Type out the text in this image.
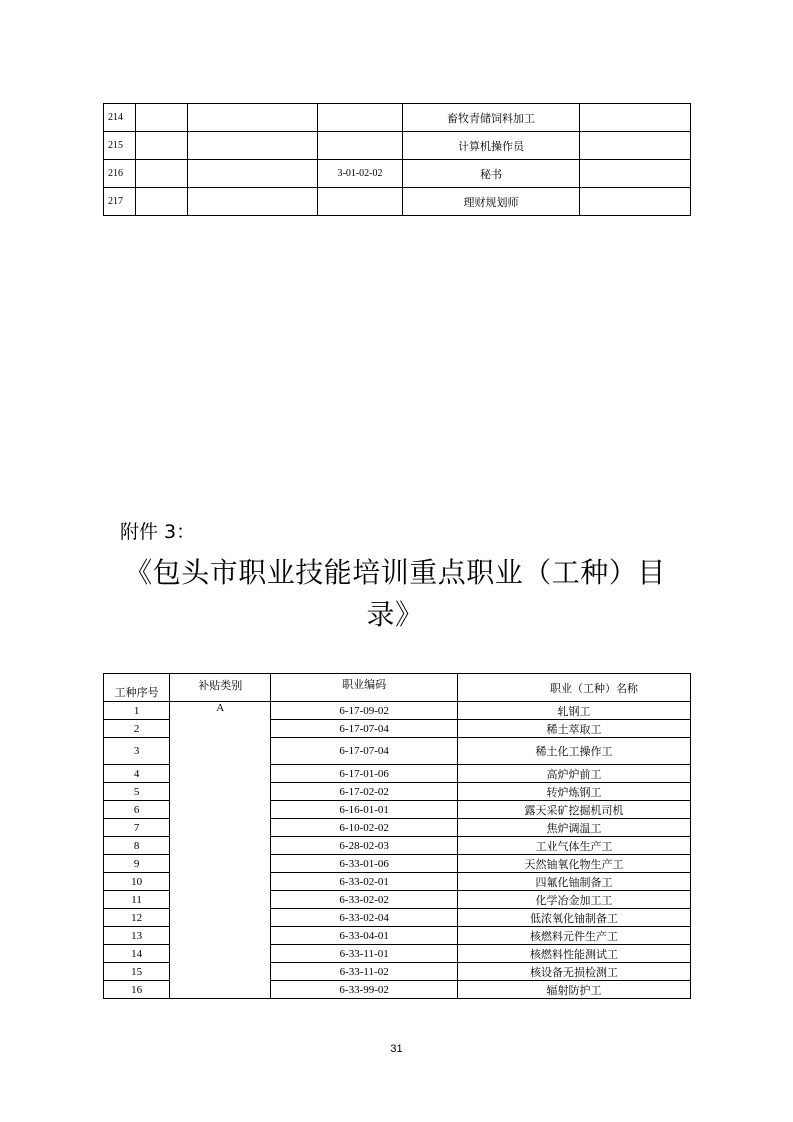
214				畜牧青储饲料加工	
215				计算机操作员	
216			3-01-02-02	秘书	
217				理财规划师	
附件 3：
《包头市职业技能培训重点职业（工种）目录》
工种序号	补贴类别	职业编码	职业（工种）名称
1	A	6-17-09-02	轧钢工
2		6-17-07-04	稀土萃取工
3		6-17-07-04	稀土化工操作工
4		6-17-01-06	高炉炉前工
5		6-17-02-02	转炉炼钢工
6		6-16-01-01	露天采矿挖掘机司机
7		6-10-02-02	焦炉调温工
8		6-28-02-03	工业气体生产工
9		6-33-01-06	天然铀氧化物生产工
10		6-33-02-01	四氟化铀制备工
11		6-33-02-02	化学冶金加工工
12		6-33-02-04	低浓氧化铀制备工
13		6-33-04-01	核燃料元件生产工
14		6-33-11-01	核燃料性能测试工
15		6-33-11-02	核设备无损检测工
16		6-33-99-02	辐射防护工
31
